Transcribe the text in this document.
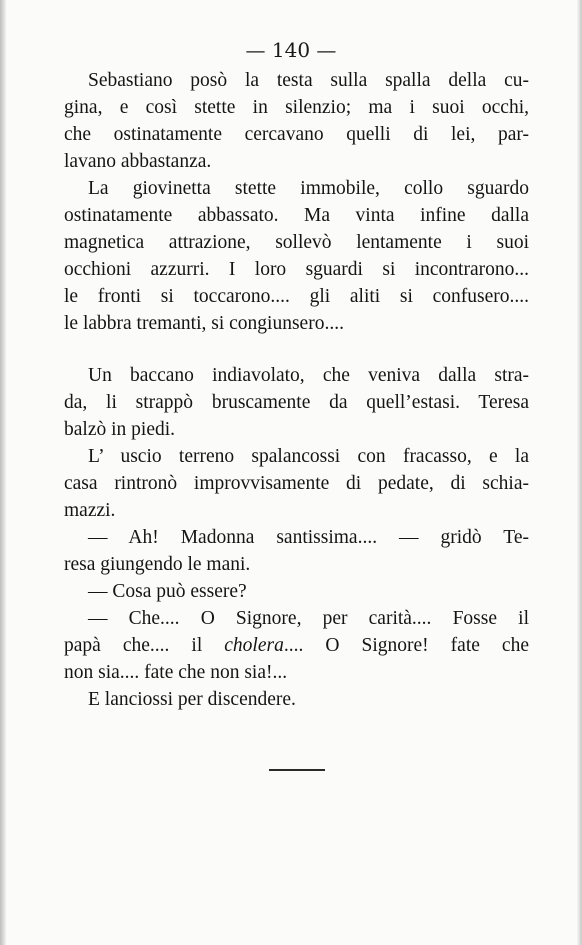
— 140 —
Sebastiano posò la testa sulla spalla della cu-
gina, e così stette in silenzio; ma i suoi occhi,
che ostinatamente cercavano quelli di lei, par-
lavano abbastanza.
La giovinetta stette immobile, collo sguardo
ostinatamente abbassato. Ma vinta infine dalla
magnetica attrazione, sollevò lentamente i suoi
occhioni azzurri. I loro sguardi si incontrarono...
le fronti si toccarono.... gli aliti si confusero....
le labbra tremanti, si congiunsero....
Un baccano indiavolato, che veniva dalla stra-
da, li strappò bruscamente da quell’estasi. Teresa
balzò in piedi.
L’ uscio terreno spalancossi con fracasso, e la
casa rintronò improvvisamente di pedate, di schia-
mazzi.
— Ah! Madonna santissima.... — gridò Te-
resa giungendo le mani.
— Cosa può essere?
— Che.... O Signore, per carità.... Fosse il
papà che.... il cholera.... O Signore! fate che
non sia.... fate che non sia!...
E lanciossi per discendere.
